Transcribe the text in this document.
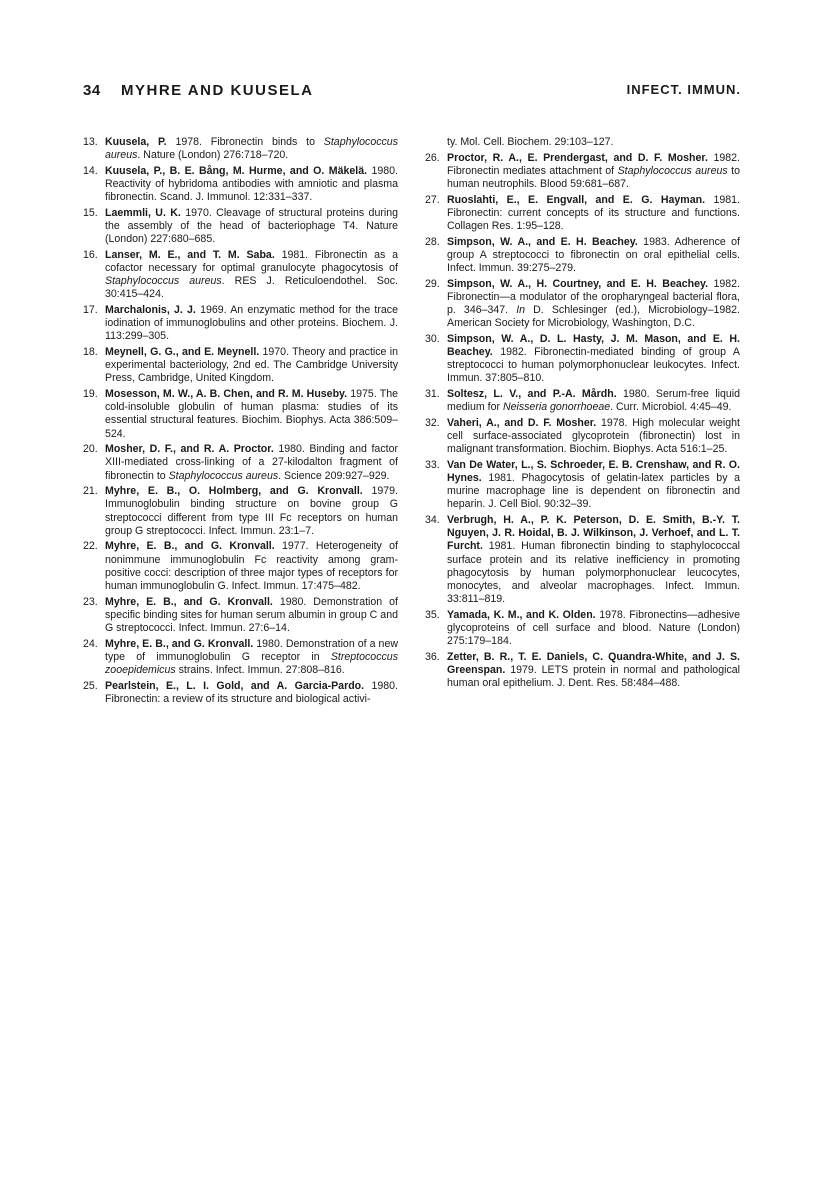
34 MYHRE AND KUUSELA	INFECT. IMMUN.
13. Kuusela, P. 1978. Fibronectin binds to Staphylococcus aureus. Nature (London) 276:718–720.
14. Kuusela, P., B. E. Bång, M. Hurme, and O. Mäkelä. 1980. Reactivity of hybridoma antibodies with amniotic and plasma fibronectin. Scand. J. Immunol. 12:331–337.
15. Laemmli, U. K. 1970. Cleavage of structural proteins during the assembly of the head of bacteriophage T4. Nature (London) 227:680–685.
16. Lanser, M. E., and T. M. Saba. 1981. Fibronectin as a cofactor necessary for optimal granulocyte phagocytosis of Staphylococcus aureus. RES J. Reticuloendothel. Soc. 30:415–424.
17. Marchalonis, J. J. 1969. An enzymatic method for the trace iodination of immunoglobulins and other proteins. Biochem. J. 113:299–305.
18. Meynell, G. G., and E. Meynell. 1970. Theory and practice in experimental bacteriology, 2nd ed. The Cambridge University Press, Cambridge, United Kingdom.
19. Mosesson, M. W., A. B. Chen, and R. M. Huseby. 1975. The cold-insoluble globulin of human plasma: studies of its essential structural features. Biochim. Biophys. Acta 386:509–524.
20. Mosher, D. F., and R. A. Proctor. 1980. Binding and factor XIII-mediated cross-linking of a 27-kilodalton fragment of fibronectin to Staphylococcus aureus. Science 209:927–929.
21. Myhre, E. B., O. Holmberg, and G. Kronvall. 1979. Immunoglobulin binding structure on bovine group G streptococci different from type III Fc receptors on human group G streptococci. Infect. Immun. 23:1–7.
22. Myhre, E. B., and G. Kronvall. 1977. Heterogeneity of nonimmune immunoglobulin Fc reactivity among gram-positive cocci: description of three major types of receptors for human immunoglobulin G. Infect. Immun. 17:475–482.
23. Myhre, E. B., and G. Kronvall. 1980. Demonstration of specific binding sites for human serum albumin in group C and G streptococci. Infect. Immun. 27:6–14.
24. Myhre, E. B., and G. Kronvall. 1980. Demonstration of a new type of immunoglobulin G receptor in Streptococcus zooepidemicus strains. Infect. Immun. 27:808–816.
25. Pearlstein, E., L. I. Gold, and A. Garcia-Pardo. 1980. Fibronectin: a review of its structure and biological activi-
ty. Mol. Cell. Biochem. 29:103–127.
26. Proctor, R. A., E. Prendergast, and D. F. Mosher. 1982. Fibronectin mediates attachment of Staphylococcus aureus to human neutrophils. Blood 59:681–687.
27. Ruoslahti, E., E. Engvall, and E. G. Hayman. 1981. Fibronectin: current concepts of its structure and functions. Collagen Res. 1:95–128.
28. Simpson, W. A., and E. H. Beachey. 1983. Adherence of group A streptococci to fibronectin on oral epithelial cells. Infect. Immun. 39:275–279.
29. Simpson, W. A., H. Courtney, and E. H. Beachey. 1982. Fibronectin—a modulator of the oropharyngeal bacterial flora, p. 346–347. In D. Schlesinger (ed.), Microbiology–1982. American Society for Microbiology, Washington, D.C.
30. Simpson, W. A., D. L. Hasty, J. M. Mason, and E. H. Beachey. 1982. Fibronectin-mediated binding of group A streptococci to human polymorphonuclear leukocytes. Infect. Immun. 37:805–810.
31. Soltesz, L. V., and P.-A. Mårdh. 1980. Serum-free liquid medium for Neisseria gonorrhoeae. Curr. Microbiol. 4:45–49.
32. Vaheri, A., and D. F. Mosher. 1978. High molecular weight cell surface-associated glycoprotein (fibronectin) lost in malignant transformation. Biochim. Biophys. Acta 516:1–25.
33. Van De Water, L., S. Schroeder, E. B. Crenshaw, and R. O. Hynes. 1981. Phagocytosis of gelatin-latex particles by a murine macrophage line is dependent on fibronectin and heparin. J. Cell Biol. 90:32–39.
34. Verbrugh, H. A., P. K. Peterson, D. E. Smith, B.-Y. T. Nguyen, J. R. Hoidal, B. J. Wilkinson, J. Verhoef, and L. T. Furcht. 1981. Human fibronectin binding to staphylococcal surface protein and its relative inefficiency in promoting phagocytosis by human polymorphonuclear leucocytes, monocytes, and alveolar macrophages. Infect. Immun. 33:811–819.
35. Yamada, K. M., and K. Olden. 1978. Fibronectins—adhesive glycoproteins of cell surface and blood. Nature (London) 275:179–184.
36. Zetter, B. R., T. E. Daniels, C. Quandra-White, and J. S. Greenspan. 1979. LETS protein in normal and pathological human oral epithelium. J. Dent. Res. 58:484–488.
